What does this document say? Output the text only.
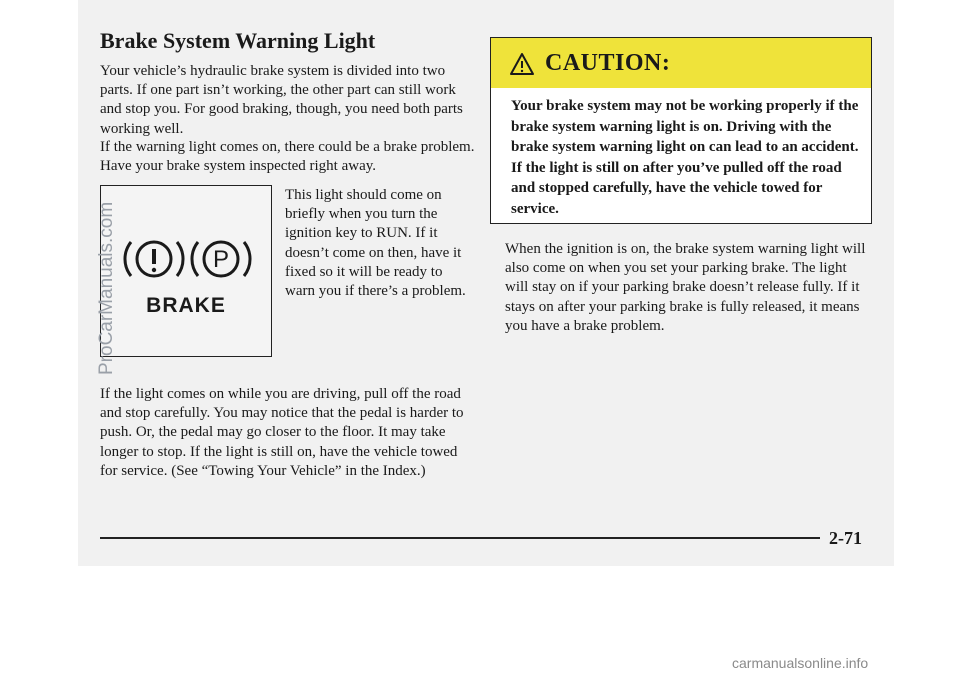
Brake System Warning Light

Your vehicle’s hydraulic brake system is divided into two parts. If one part isn’t working, the other part can still work and stop you. For good braking, though, you need both parts working well.

If the warning light comes on, there could be a brake problem. Have your brake system inspected right away.

P
BRAKE

This light should come on briefly when you turn the ignition key to RUN. If it doesn’t come on then, have it fixed so it will be ready to warn you if there’s a problem.

If the light comes on while you are driving, pull off the road and stop carefully. You may notice that the pedal is harder to push. Or, the pedal may go closer to the floor. It may take longer to stop. If the light is still on, have the vehicle towed for service. (See “Towing Your Vehicle” in the Index.)

CAUTION:
Your brake system may not be working properly if the brake system warning light is on. Driving with the brake system warning light on can lead to an accident. If the light is still on after you’ve pulled off the road and stopped carefully, have the vehicle towed for service.

When the ignition is on, the brake system warning light will also come on when you set your parking brake. The light will stay on if your parking brake doesn’t release fully. If it stays on after your parking brake is fully released, it means you have a brake problem.

2-71
ProCarManuals.com
carmanualsonline.info
